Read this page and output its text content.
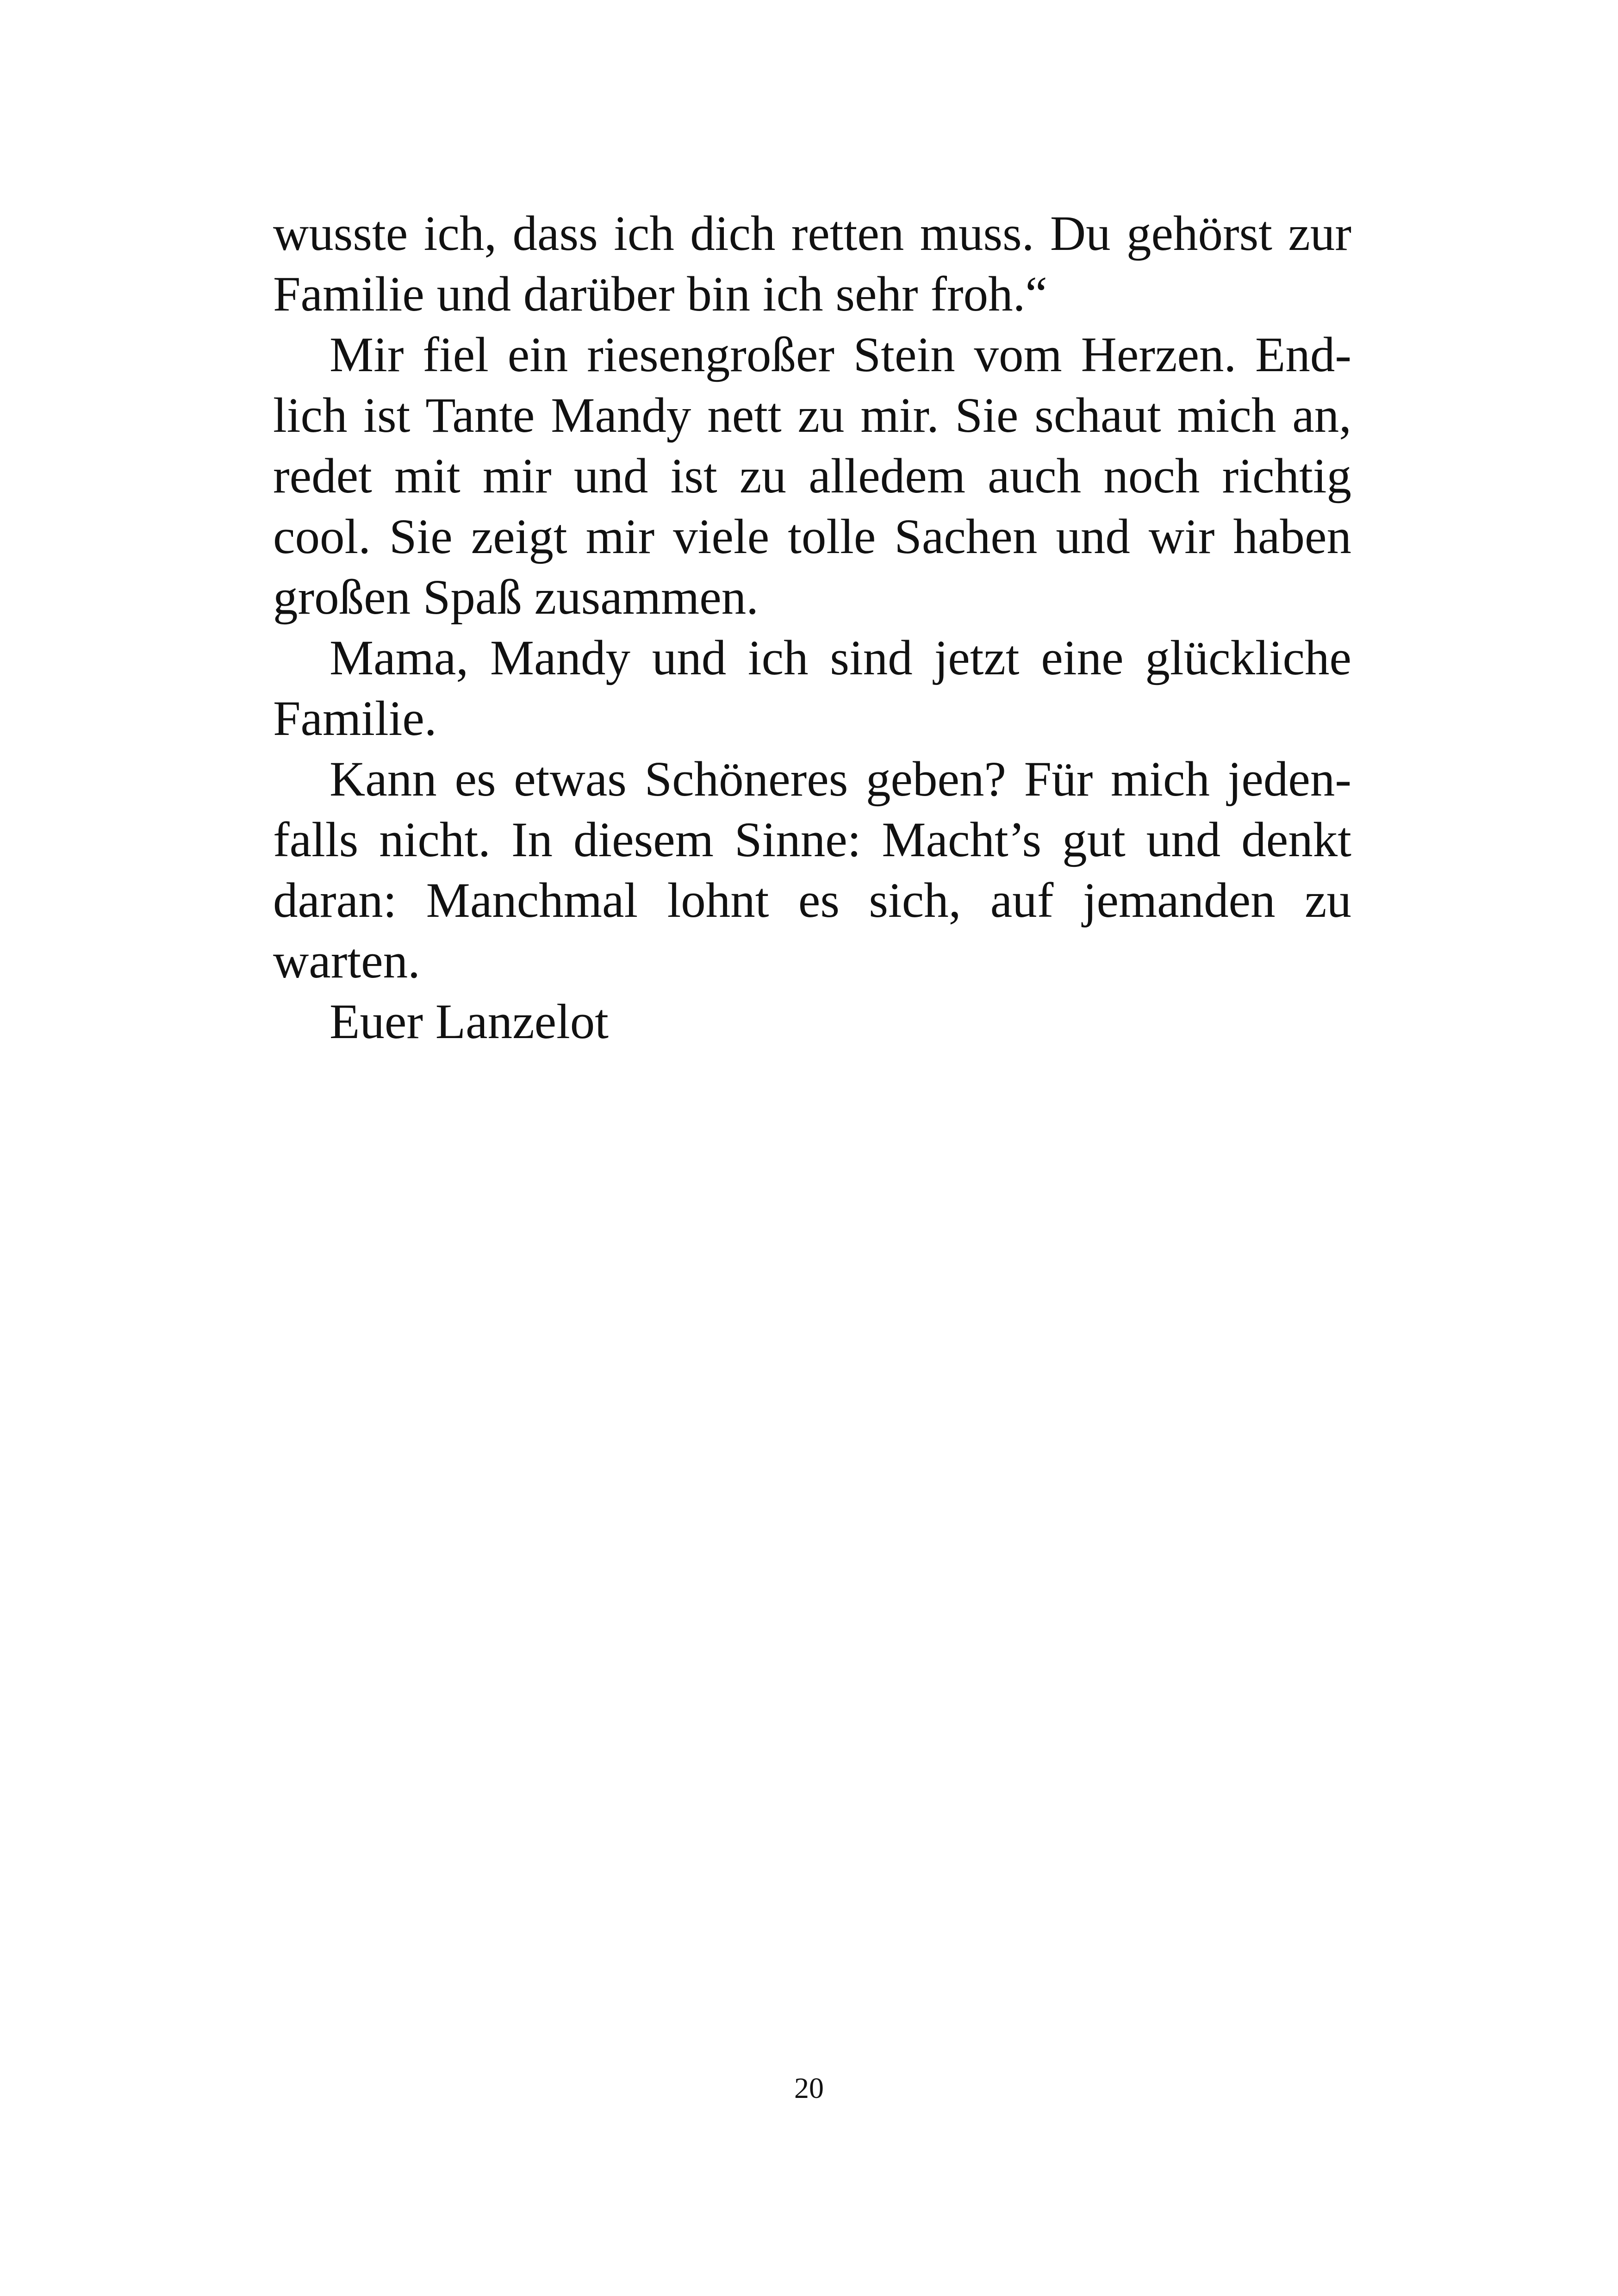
wusste ich, dass ich dich retten muss. Du gehörst zur
Familie und darüber bin ich sehr froh.“
Mir fiel ein riesengroßer Stein vom Herzen. End-
lich ist Tante Mandy nett zu mir. Sie schaut mich an,
redet mit mir und ist zu alledem auch noch richtig
cool. Sie zeigt mir viele tolle Sachen und wir haben
großen Spaß zusammen.
Mama, Mandy und ich sind jetzt eine glückliche
Familie.
Kann es etwas Schöneres geben? Für mich jeden-
falls nicht. In diesem Sinne: Macht’s gut und denkt
daran: Manchmal lohnt es sich, auf jemanden zu
warten.
Euer Lanzelot
20
